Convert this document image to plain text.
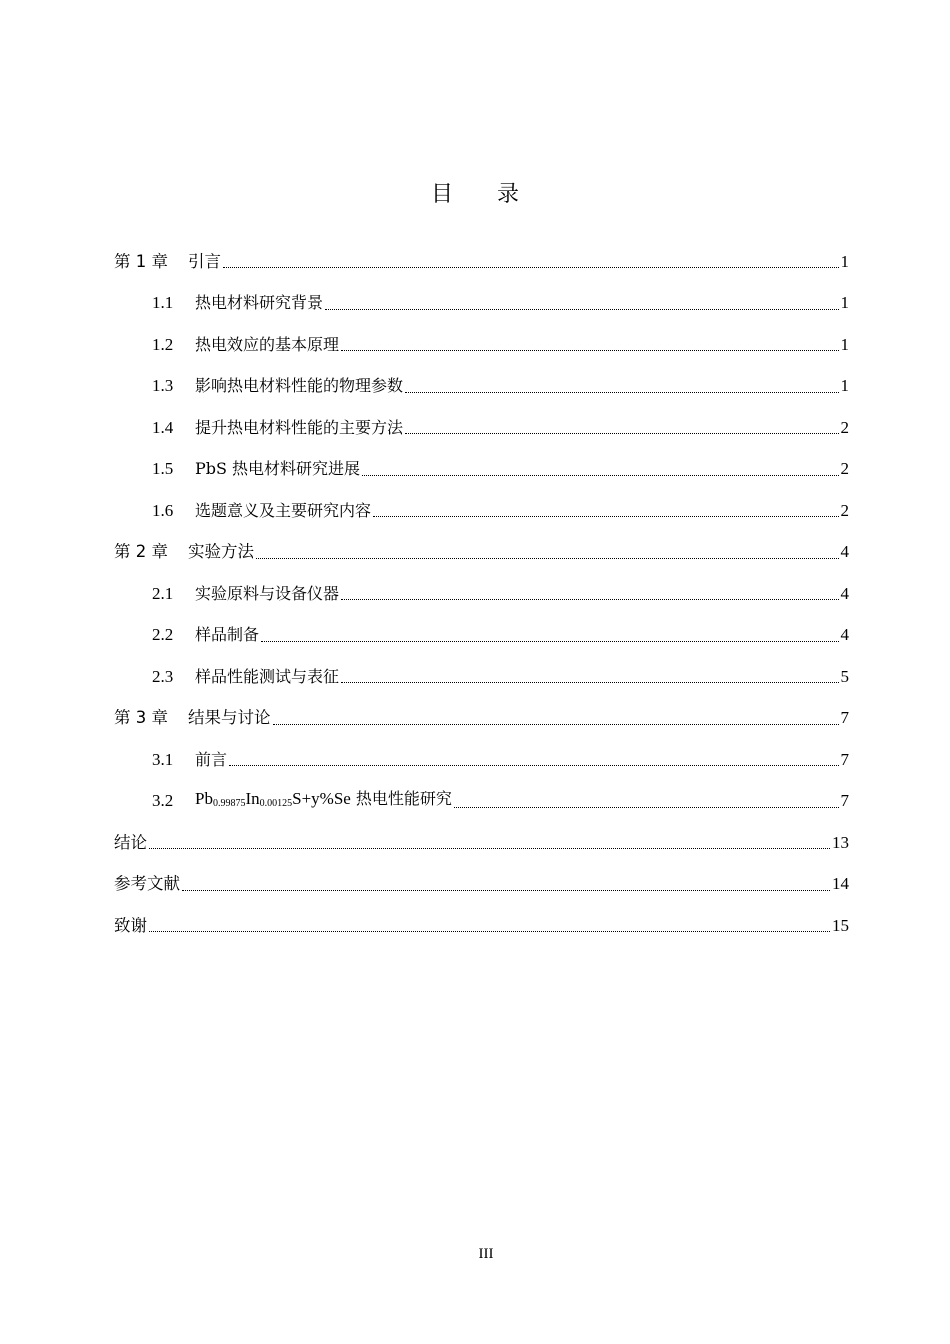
目录
第 1 章	引言	1
1.1	热电材料研究背景	1
1.2	热电效应的基本原理	1
1.3	影响热电材料性能的物理参数	1
1.4	提升热电材料性能的主要方法	2
1.5	PbS 热电材料研究进展	2
1.6	选题意义及主要研究内容	2
第 2 章	实验方法	4
2.1	实验原料与设备仪器	4
2.2	样品制备	4
2.3	样品性能测试与表征	5
第 3 章	结果与讨论	7
3.1	前言	7
3.2	$Pb_{0.99875}In_{0.00125}S+y\%Se$ 热电性能研究	7
结论	13
参考文献	14
致谢	15
III
